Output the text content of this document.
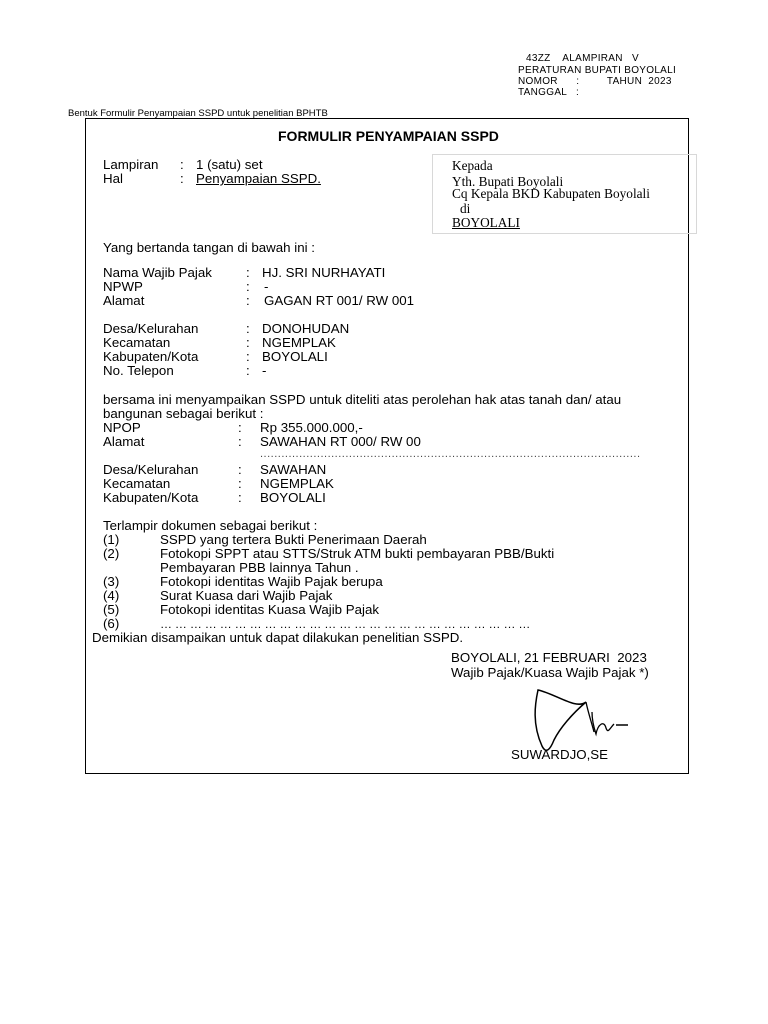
43ZZ    ALAMPIRAN   V
PERATURAN BUPATI BOYOLALI
NOMOR      :         TAHUN  2023
TANGGAL   :
Bentuk Formulir Penyampaian SSPD untuk penelitian BPHTB
FORMULIR PENYAMPAIAN SSPD
Lampiran : 1 (satu) set
Hal	: Penyampaian SSPD.
Kepada
Yth. Bupati Boyolali
Cq Kepala BKD Kabupaten Boyolali
di
BOYOLALI
Yang bertanda tangan di bawah ini :
Nama Wajib Pajak	: HJ. SRI NURHAYATI
NPWP	: -
Alamat	: GAGAN RT 001/ RW 001
Desa/Kelurahan	: DONOHUDAN
Kecamatan	: NGEMPLAK
Kabupaten/Kota	: BOYOLALI
No. Telepon	: -
bersama ini menyampaikan SSPD untuk diteliti atas perolehan hak atas tanah dan/ atau
bangunan sebagai berikut :
NPOP	: Rp 355.000.000,-
Alamat	: SAWAHAN RT 000/ RW 00
...........................................................................................................
Desa/Kelurahan	: SAWAHAN
Kecamatan	: NGEMPLAK
Kabupaten/Kota	: BOYOLALI
Terlampir dokumen sebagai berikut :
(1)	SSPD yang tertera Bukti Penerimaan Daerah
(2)	Fotokopi SPPT atau STTS/Struk ATM bukti pembayaran PBB/Bukti
Pembayaran PBB lainnya Tahun .
(3)	Fotokopi identitas Wajib Pajak berupa
(4)	Surat Kuasa dari Wajib Pajak
(5)	Fotokopi identitas Kuasa Wajib Pajak
(6)	… … … … … … … … … … … … … … … … … … … … … … … … …
Demikian disampaikan untuk dapat dilakukan penelitian SSPD.
BOYOLALI, 21 FEBRUARI  2023
Wajib Pajak/Kuasa Wajib Pajak *)
SUWARDJO,SE
